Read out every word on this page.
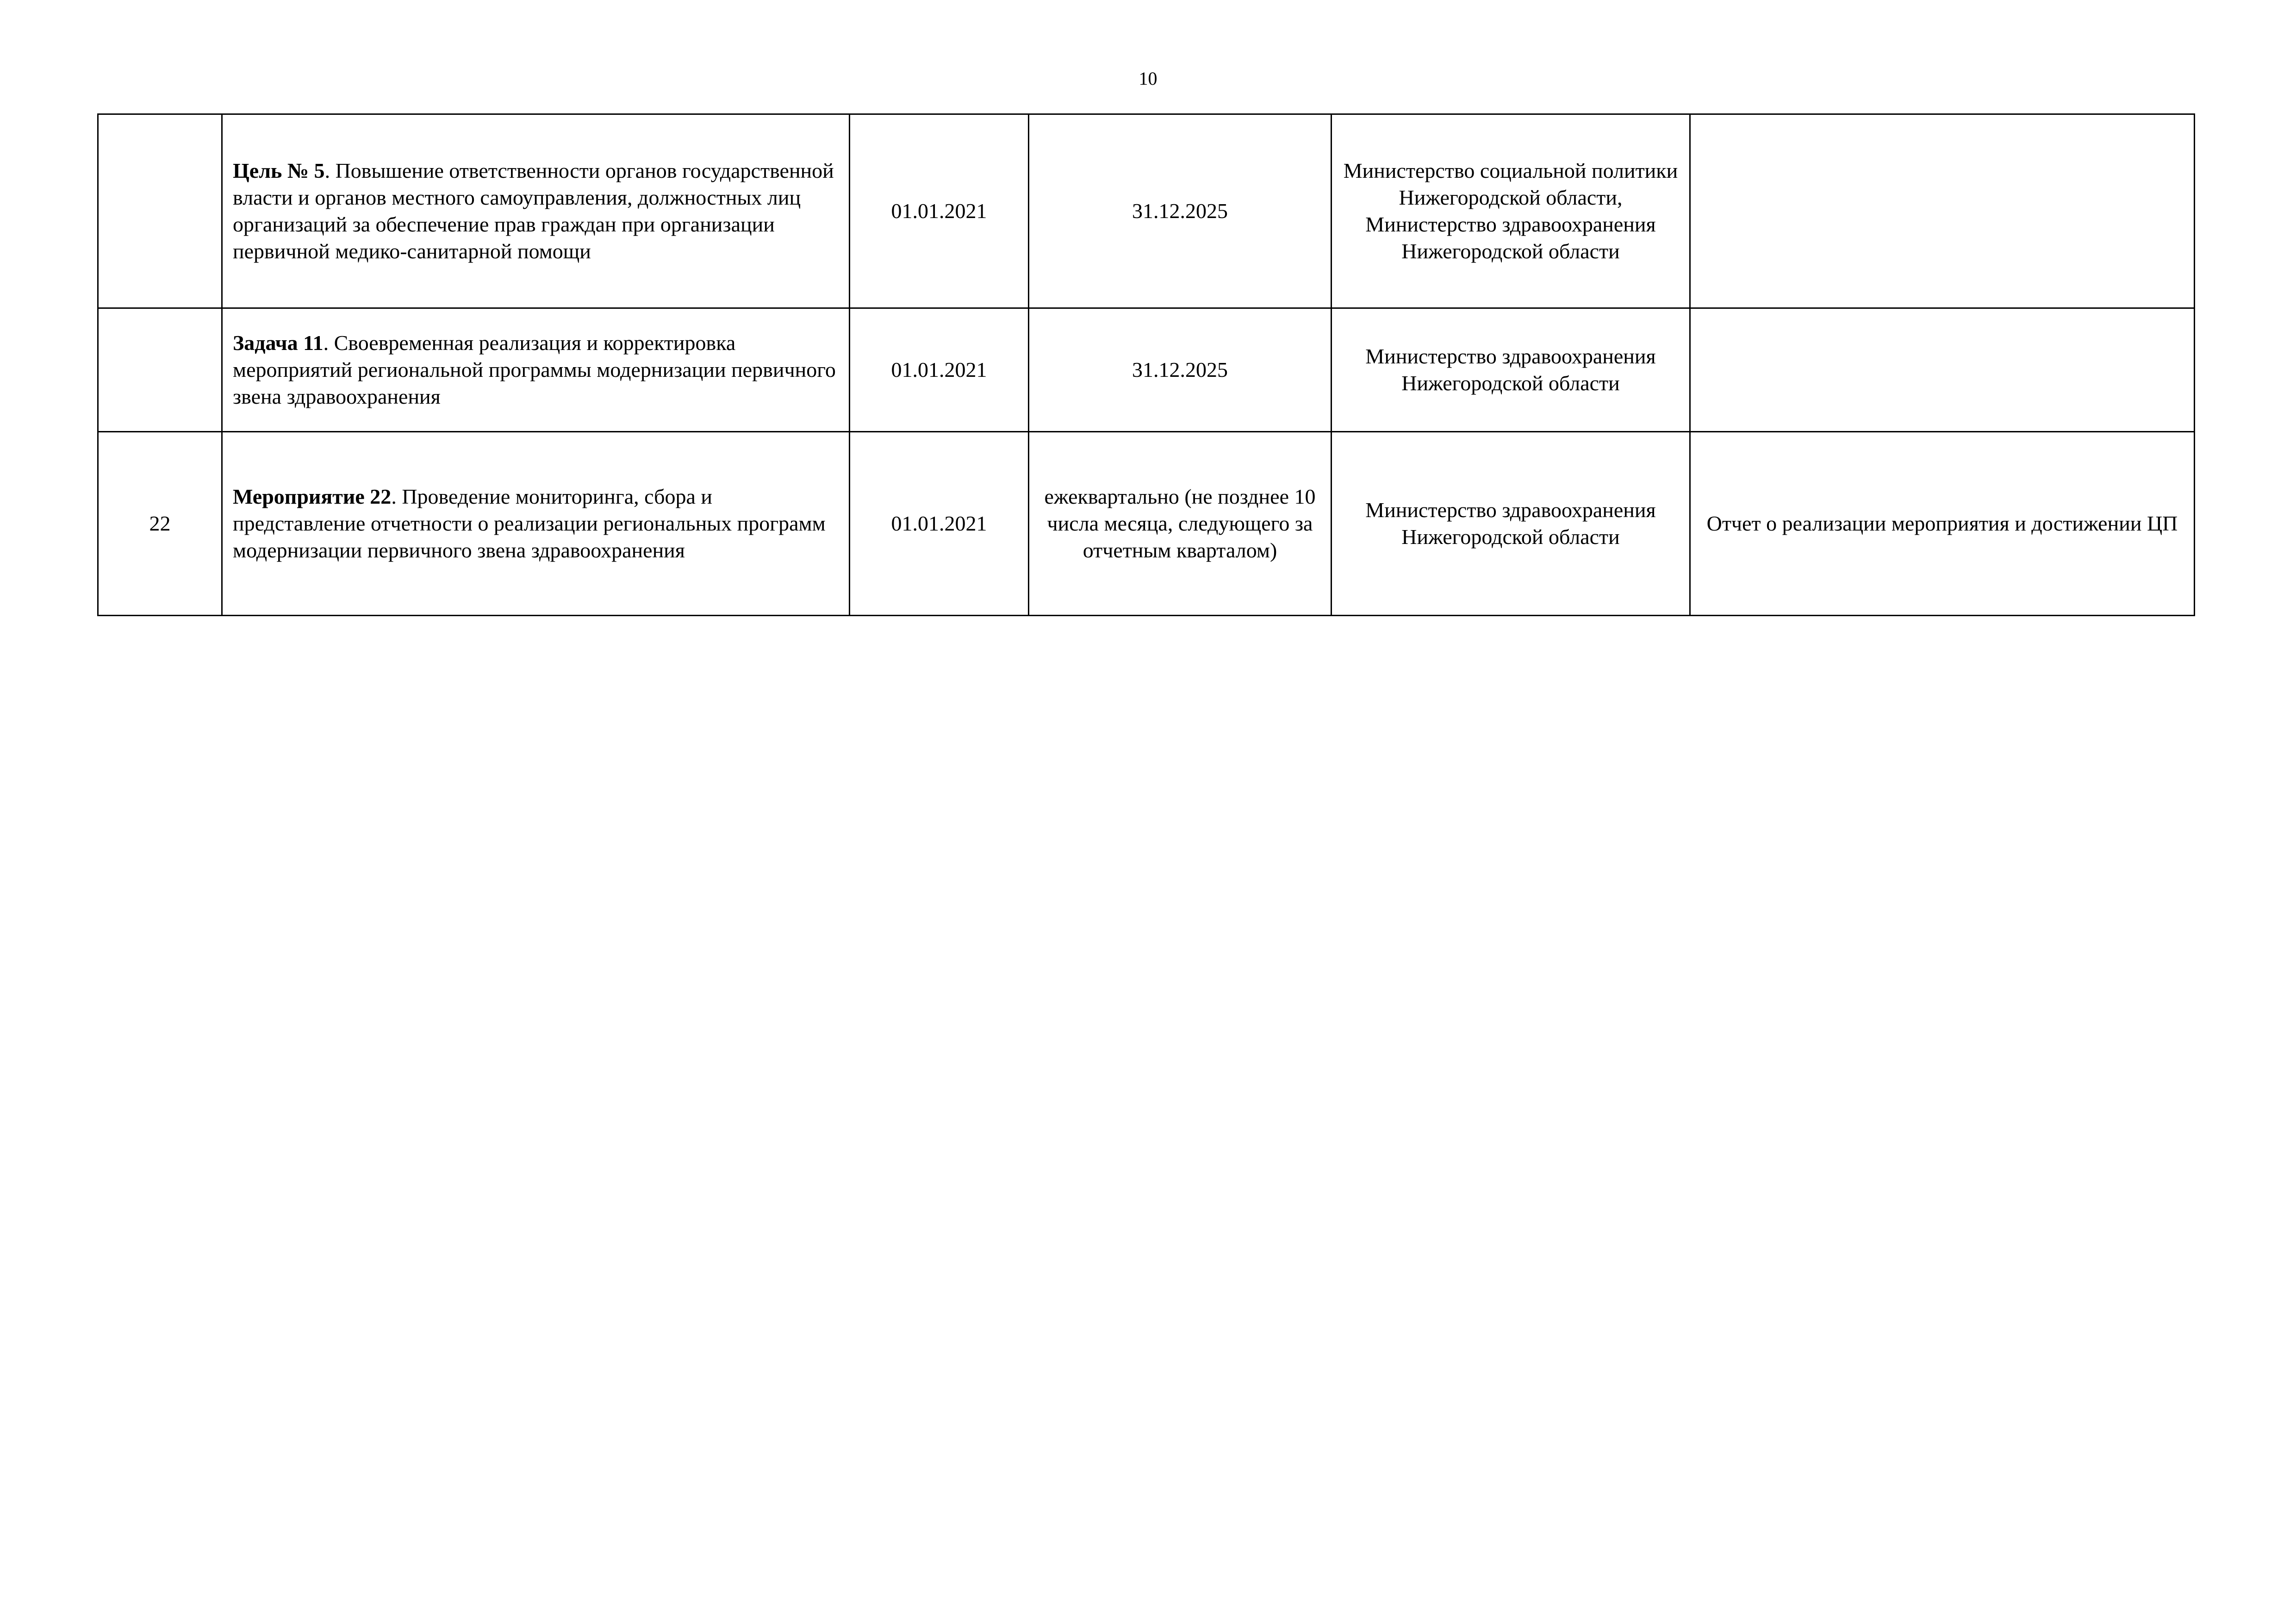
10
	Цель № 5. Повышение ответственности органов государственной власти и органов местного самоуправления, должностных лиц организаций за обеспечение прав граждан при организации первичной медико-санитарной помощи	01.01.2021	31.12.2025	Министерство социальной политики Нижегородской области, Министерство здравоохранения Нижегородской области	
	Задача 11. Своевременная реализация и корректировка мероприятий региональной программы модернизации первичного звена здравоохранения	01.01.2021	31.12.2025	Министерство здравоохранения Нижегородской области	
22	Мероприятие 22. Проведение мониторинга, сбора и представление отчетности о реализации региональных программ модернизации первичного звена здравоохранения	01.01.2021	ежеквартально (не позднее 10 числа месяца, следующего за отчетным кварталом)	Министерство здравоохранения Нижегородской области	Отчет о реализации мероприятия и достижении ЦП
